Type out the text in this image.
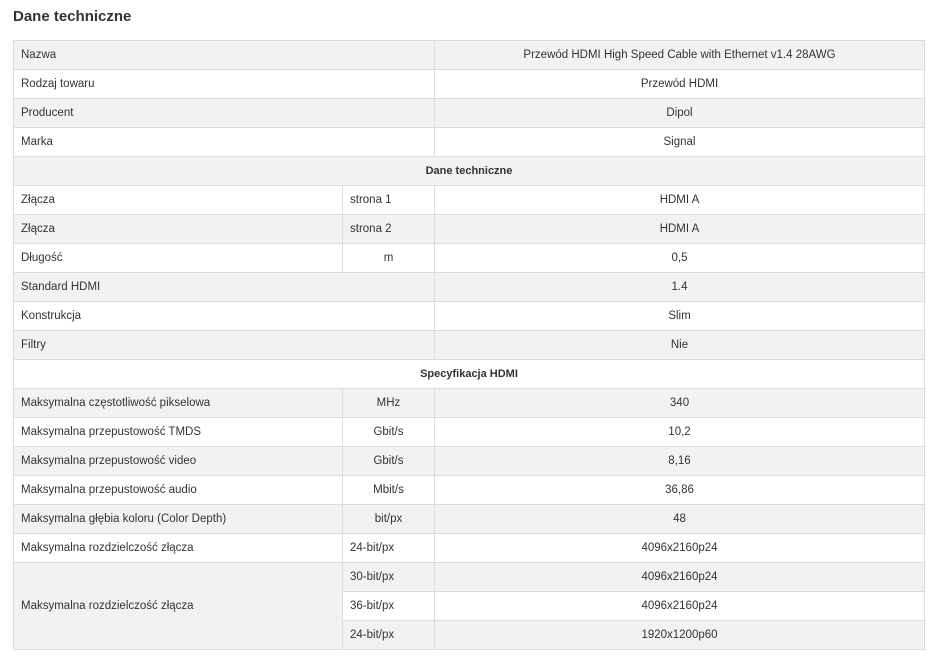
Dane techniczne
Nazwa		Przewód HDMI High Speed Cable with Ethernet v1.4 28AWG
Rodzaj towaru		Przewód HDMI
Producent		Dipol
Marka		Signal
Dane techniczne		
Złącza	strona 1	HDMI A
Złącza	strona 2	HDMI A
Długość	m	0,5
Standard HDMI		1.4
Konstrukcja		Slim
Filtry		Nie
Specyfikacja HDMI		
Maksymalna częstotliwość pikselowa	MHz	340
Maksymalna przepustowość TMDS	Gbit/s	10,2
Maksymalna przepustowość video	Gbit/s	8,16
Maksymalna przepustowość audio	Mbit/s	36,86
Maksymalna głębia koloru (Color Depth)	bit/px	48
Maksymalna rozdzielczość złącza	24-bit/px	4096x2160p24
Maksymalna rozdzielczość złącza	30-bit/px	4096x2160p24
	36-bit/px	4096x2160p24
	24-bit/px	1920x1200p60
